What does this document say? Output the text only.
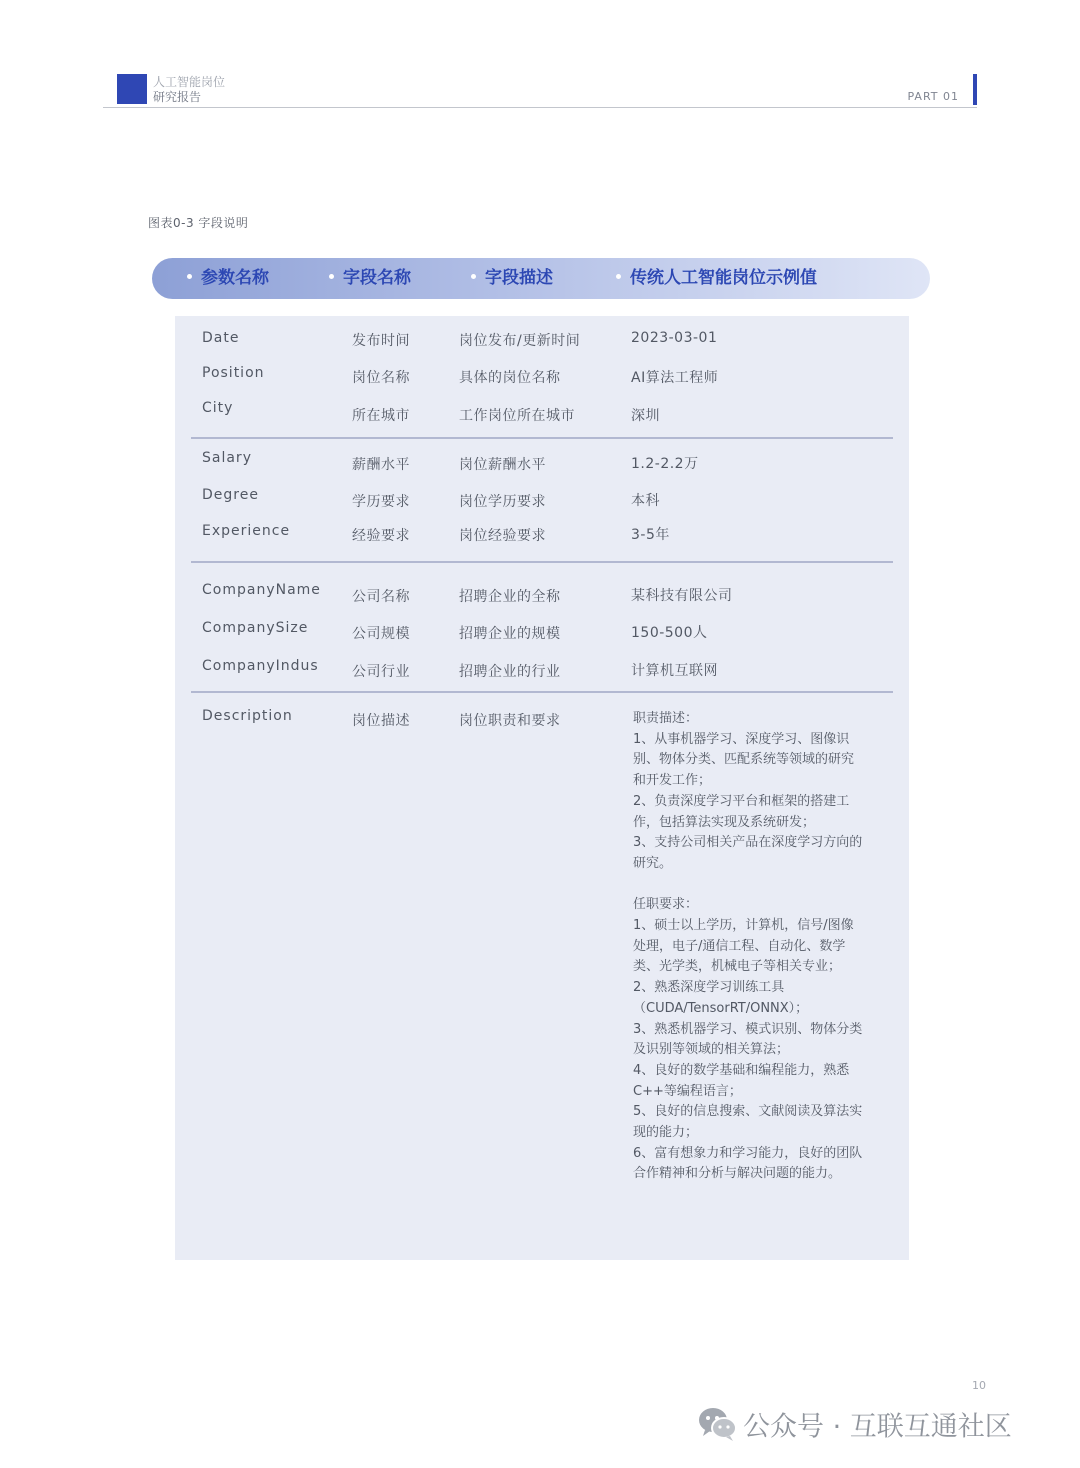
人工智能岗位
研究报告	PART 01
图表0-3 字段说明
参数名称	字段名称	字段描述	传统人工智能岗位示例值
Date	发布时间	岗位发布/更新时间	2023-03-01
Position	岗位名称	具体的岗位名称	AI算法工程师
City	所在城市	工作岗位所在城市	深圳
Salary	薪酬水平	岗位薪酬水平	1.2-2.2万
Degree	学历要求	岗位学历要求	本科
Experience	经验要求	岗位经验要求	3-5年
CompanyName 公司名称	招聘企业的全称	某科技有限公司
CompanySize	公司规模	招聘企业的规模	150-500人
CompanyIndus 公司行业	招聘企业的行业	计算机互联网
Description	岗位描述	岗位职责和要求	职责描述：
1、从事机器学习、深度学习、图像识
别、物体分类、匹配系统等领域的研究
和开发工作；
2、负责深度学习平台和框架的搭建工
作，包括算法实现及系统研发；
3、支持公司相关产品在深度学习方向的
研究。
任职要求：
1、硕士以上学历，计算机，信号/图像
处理，电子/通信工程、自动化、数学
类、光学类，机械电子等相关专业；
2、熟悉深度学习训练工具
（CUDA/TensorRT/ONNX）；
3、熟悉机器学习、模式识别、物体分类
及识别等领域的相关算法；
4、良好的数学基础和编程能力，熟悉
C++等编程语言；
5、良好的信息搜索、文献阅读及算法实
现的能力；
6、富有想象力和学习能力，良好的团队
合作精神和分析与解决问题的能力。
10
公众号 · 互联互通社区
